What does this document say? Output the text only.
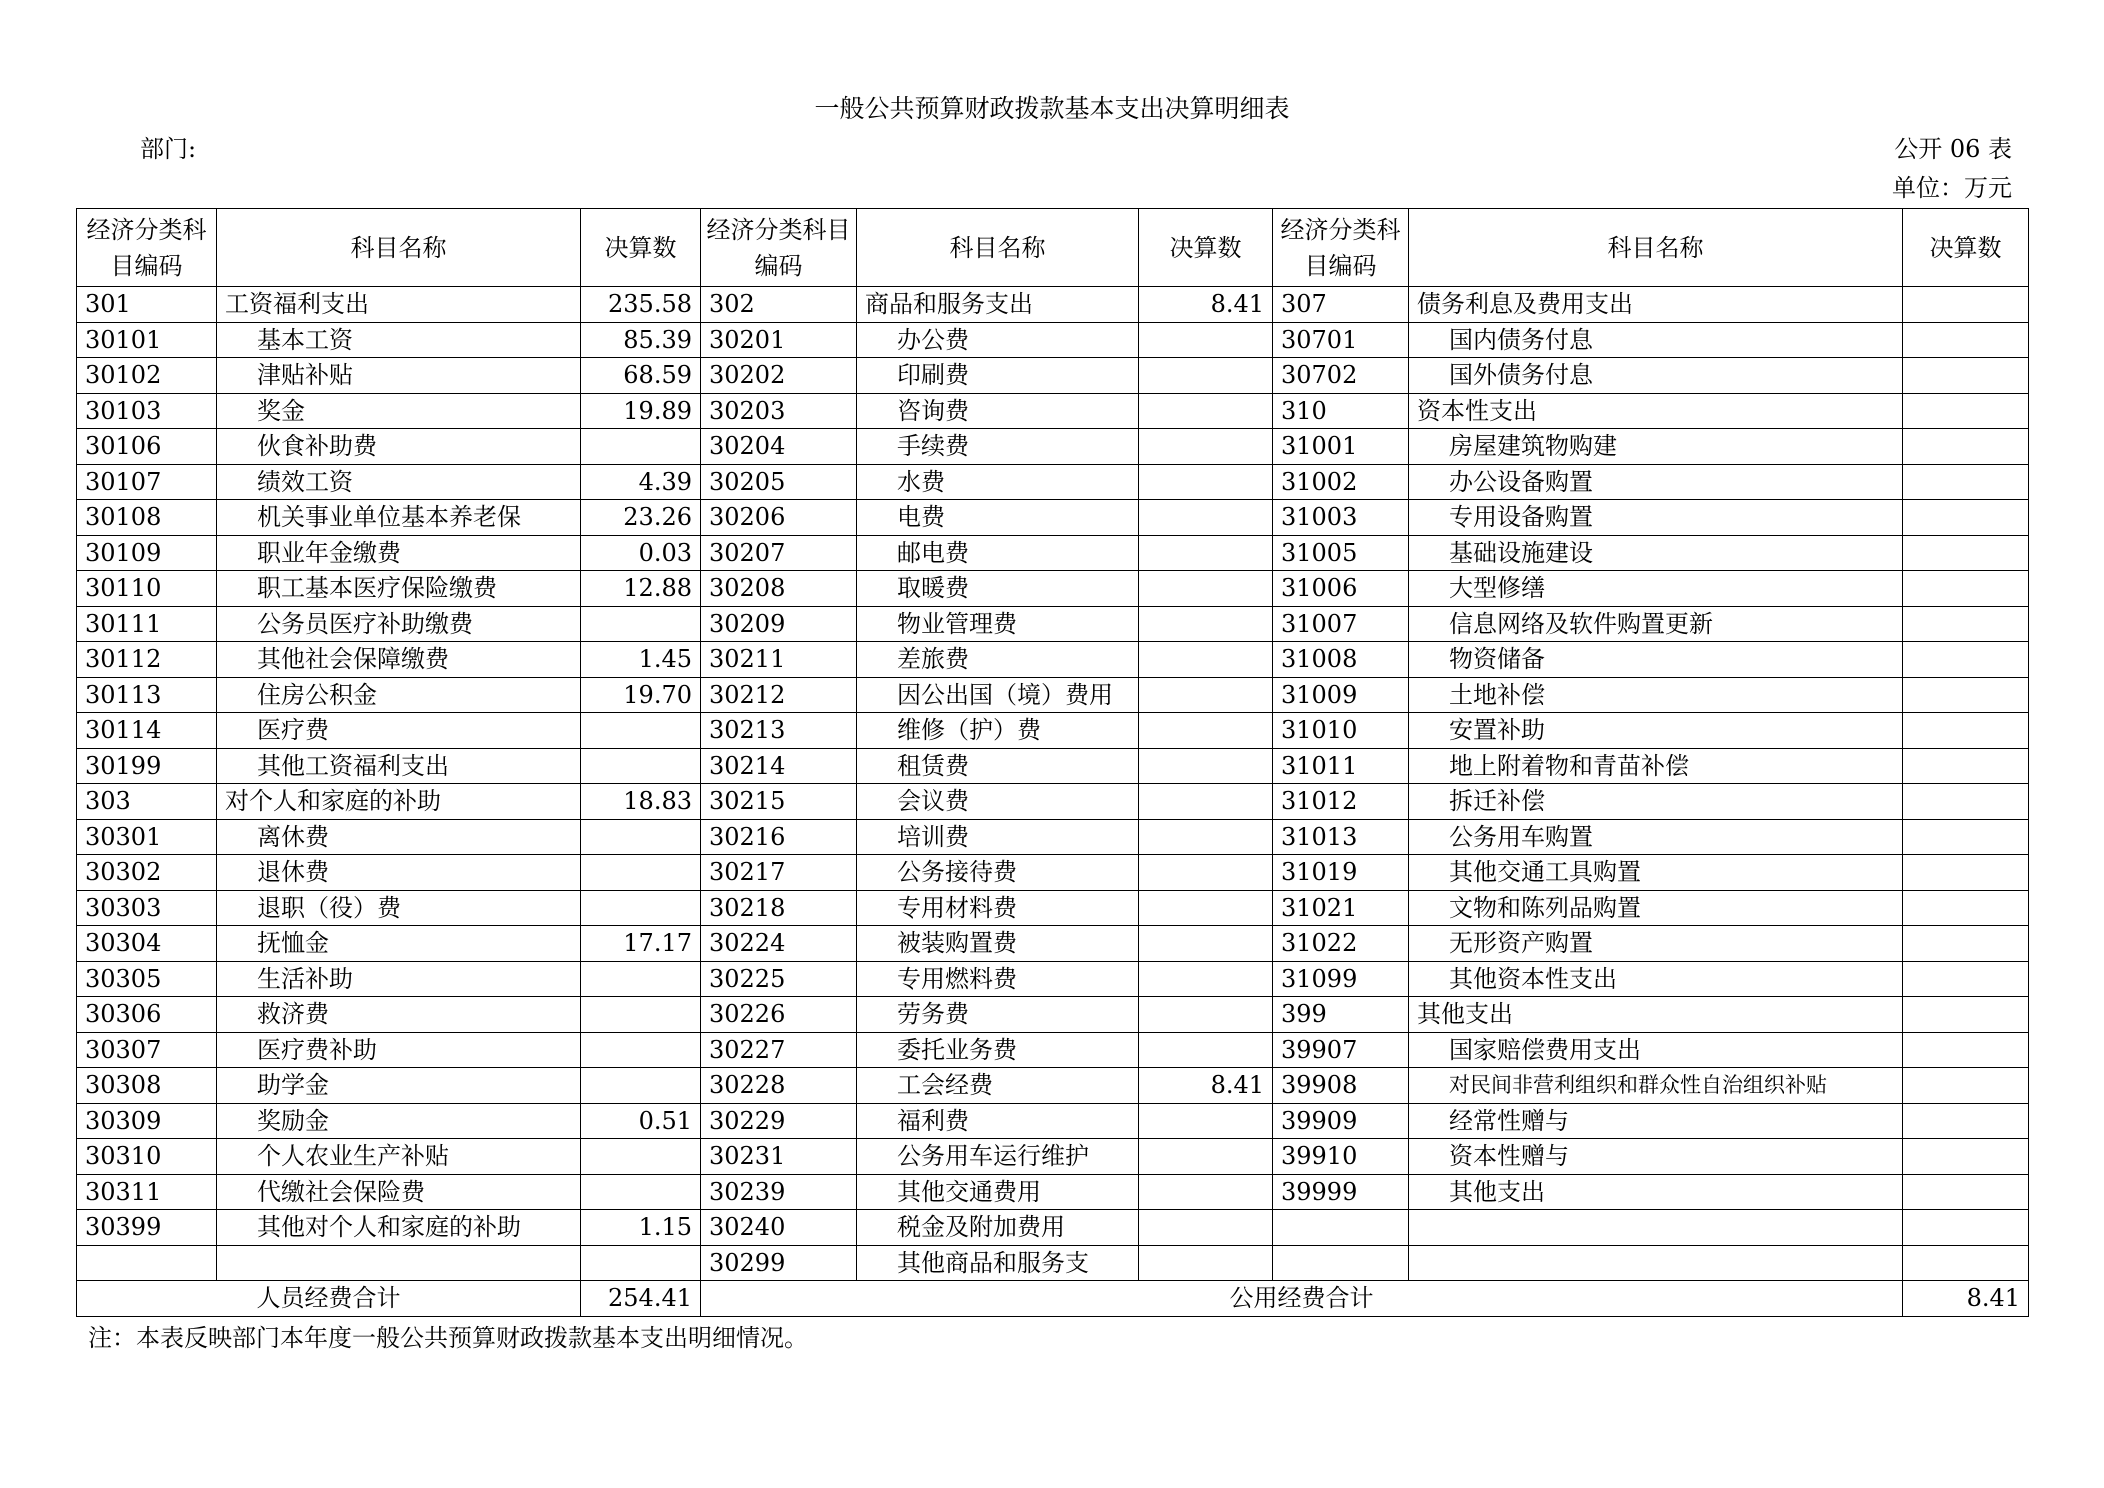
一般公共预算财政拨款基本支出决算明细表
部门:	公开 06 表
单位：万元
经济分类科目编码	科目名称	决算数	经济分类科目编码	科目名称	决算数	经济分类科目编码	科目名称	决算数
301	工资福利支出	235.58	302	商品和服务支出	8.41	307	债务利息及费用支出	
30101	基本工资	85.39	30201	办公费		30701	国内债务付息	
30102	津贴补贴	68.59	30202	印刷费		30702	国外债务付息	
30103	奖金	19.89	30203	咨询费		310	资本性支出	
30106	伙食补助费		30204	手续费		31001	房屋建筑物购建	
30107	绩效工资	4.39	30205	水费		31002	办公设备购置	
30108	机关事业单位基本养老保	23.26	30206	电费		31003	专用设备购置	
30109	职业年金缴费	0.03	30207	邮电费		31005	基础设施建设	
30110	职工基本医疗保险缴费	12.88	30208	取暖费		31006	大型修缮	
30111	公务员医疗补助缴费		30209	物业管理费		31007	信息网络及软件购置更新	
30112	其他社会保障缴费	1.45	30211	差旅费		31008	物资储备	
30113	住房公积金	19.70	30212	因公出国（境）费用		31009	土地补偿	
30114	医疗费		30213	维修（护）费		31010	安置补助	
30199	其他工资福利支出		30214	租赁费		31011	地上附着物和青苗补偿	
303	对个人和家庭的补助	18.83	30215	会议费		31012	拆迁补偿	
30301	离休费		30216	培训费		31013	公务用车购置	
30302	退休费		30217	公务接待费		31019	其他交通工具购置	
30303	退职（役）费		30218	专用材料费		31021	文物和陈列品购置	
30304	抚恤金	17.17	30224	被装购置费		31022	无形资产购置	
30305	生活补助		30225	专用燃料费		31099	其他资本性支出	
30306	救济费		30226	劳务费		399	其他支出	
30307	医疗费补助		30227	委托业务费		39907	国家赔偿费用支出	
30308	助学金		30228	工会经费	8.41	39908	对民间非营利组织和群众性自治组织补贴	
30309	奖励金	0.51	30229	福利费		39909	经常性赠与	
30310	个人农业生产补贴		30231	公务用车运行维护		39910	资本性赠与	
30311	代缴社会保险费		30239	其他交通费用		39999	其他支出	
30399	其他对个人和家庭的补助	1.15	30240	税金及附加费用				
			30299	其他商品和服务支				
人员经费合计		254.41	公用经费合计					8.41
注：本表反映部门本年度一般公共预算财政拨款基本支出明细情况。
